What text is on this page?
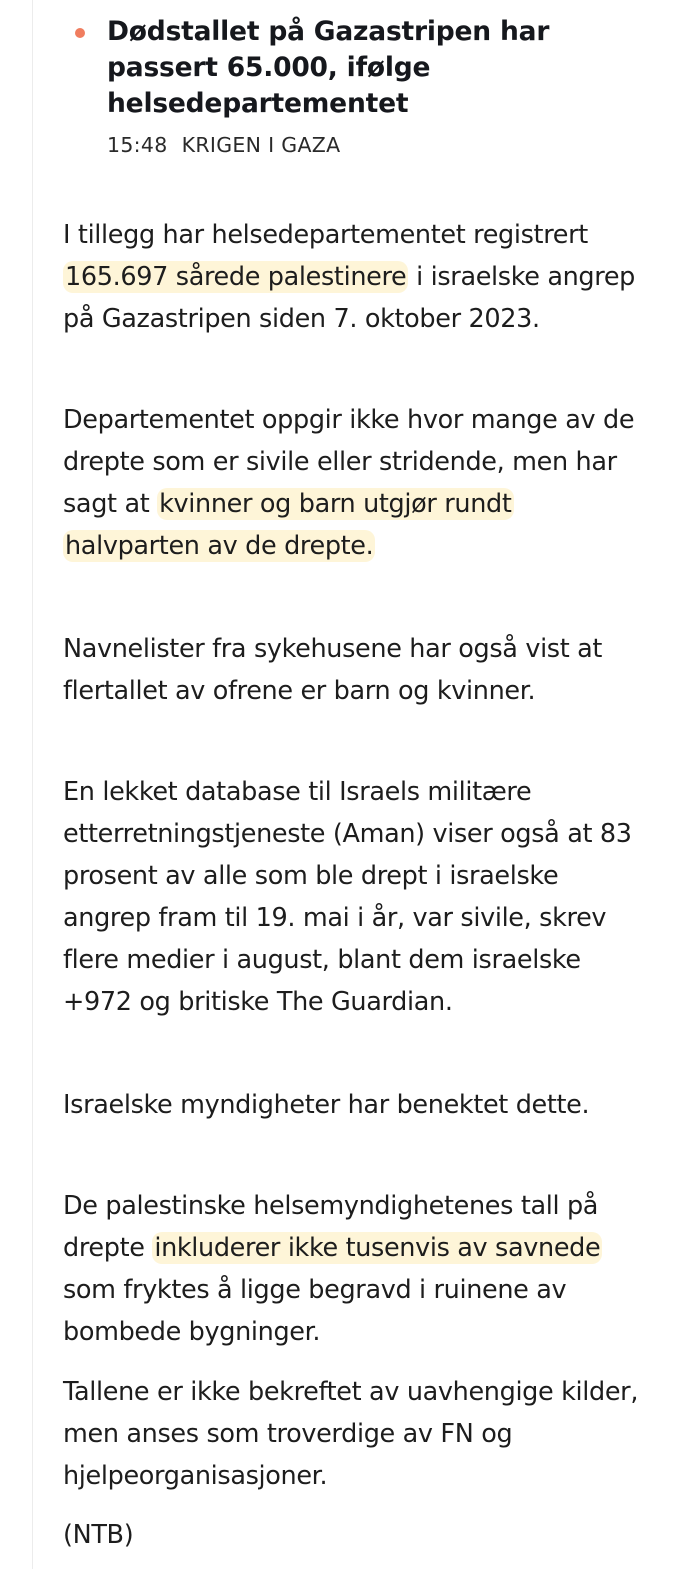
Dødstallet på Gazastripen har passert 65.000, ifølge helsedepartementet
15:48 KRIGEN I GAZA

I tillegg har helsedepartementet registrert 165.697 sårede palestinere i israelske angrep på Gazastripen siden 7. oktober 2023.

Departementet oppgir ikke hvor mange av de drepte som er sivile eller stridende, men har sagt at kvinner og barn utgjør rundt halvparten av de drepte.

Navnelister fra sykehusene har også vist at flertallet av ofrene er barn og kvinner.

En lekket database til Israels militære etterretningstjeneste (Aman) viser også at 83 prosent av alle som ble drept i israelske angrep fram til 19. mai i år, var sivile, skrev flere medier i august, blant dem israelske +972 og britiske The Guardian.

Israelske myndigheter har benektet dette.

De palestinske helsemyndighetenes tall på drepte inkluderer ikke tusenvis av savnede som fryktes å ligge begravd i ruinene av bombede bygninger.

Tallene er ikke bekreftet av uavhengige kilder, men anses som troverdige av FN og hjelpeorganisasjoner.

(NTB)
